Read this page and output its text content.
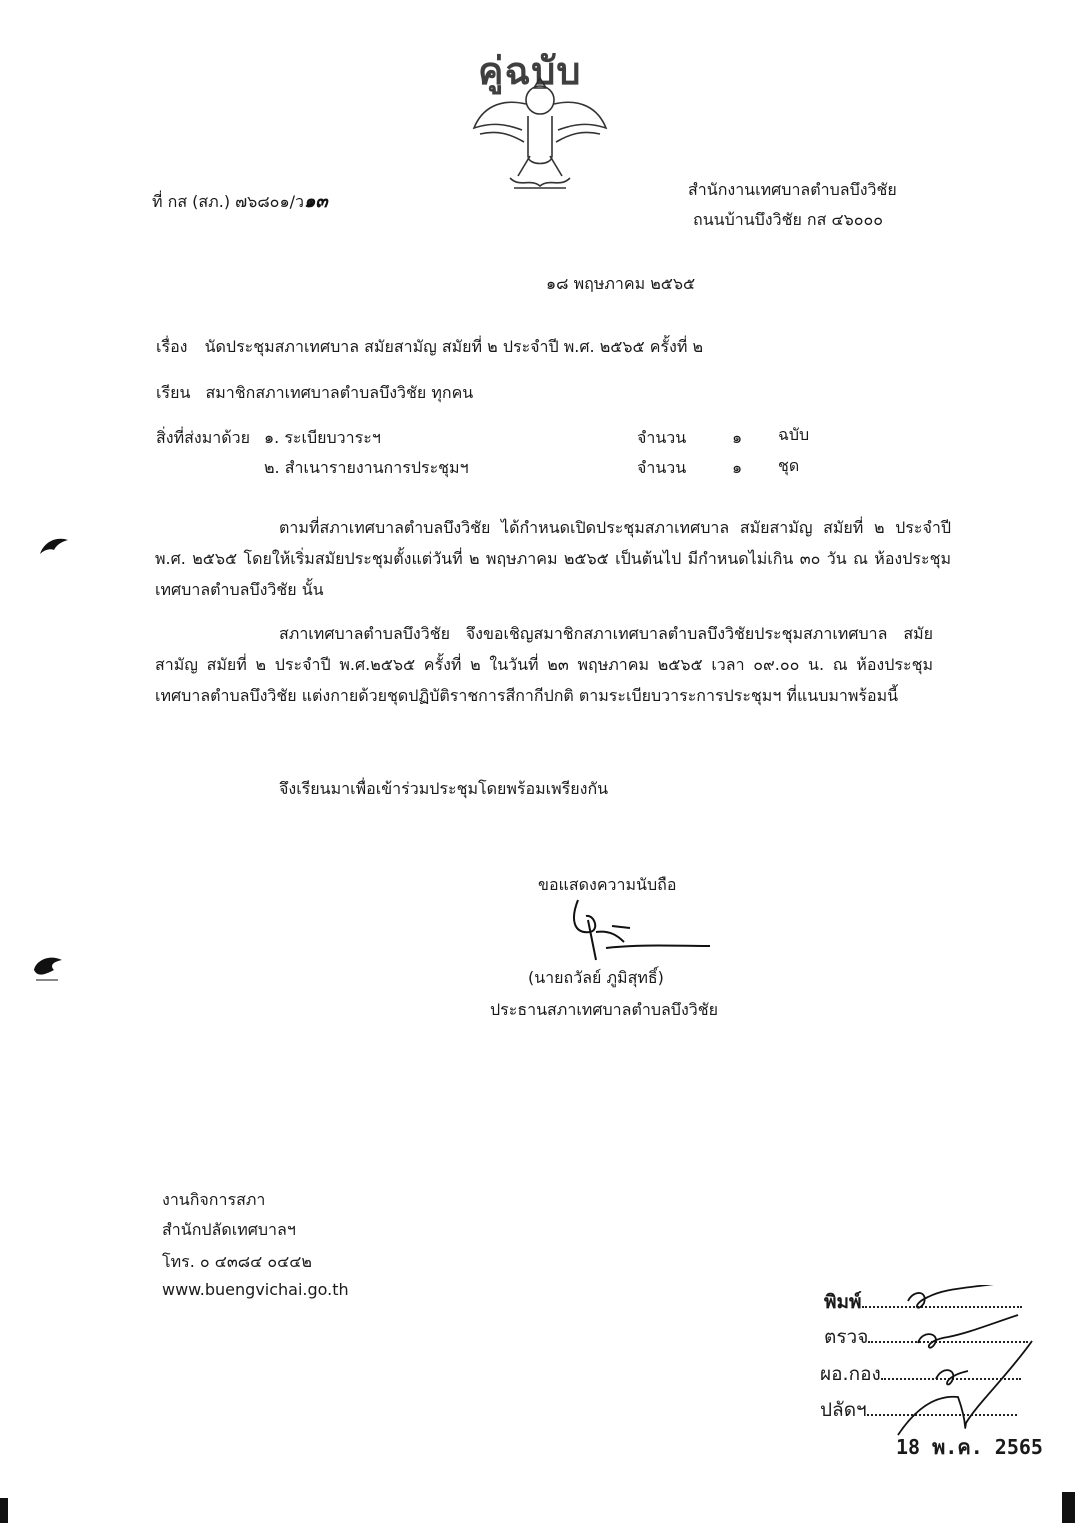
คู่ฉบับ
ที่ กส (สภ.) ๗๖๘๐๑/ว๑๓
สำนักงานเทศบาลตำบลบึงวิชัย
ถนนบ้านบึงวิชัย กส ๔๖๐๐๐
๑๘ พฤษภาคม ๒๕๖๕
เรื่อง นัดประชุมสภาเทศบาล สมัยสามัญ สมัยที่ ๒ ประจำปี พ.ศ. ๒๕๖๕ ครั้งที่ ๒
เรียน สมาชิกสภาเทศบาลตำบลบึงวิชัย ทุกคน
สิ่งที่ส่งมาด้วย ๑. ระเบียบวาระฯ	จำนวน	๑ ฉบับ
๒. สำเนารายงานการประชุมฯ	จำนวน	๑ ชุด
ตามที่สภาเทศบาลตำบลบึงวิชัย ได้กำหนดเปิดประชุมสภาเทศบาล สมัยสามัญ สมัยที่ ๒ ประจำปี พ.ศ. ๒๕๖๕ โดยให้เริ่มสมัยประชุมตั้งแต่วันที่ ๒ พฤษภาคม ๒๕๖๕ เป็นต้นไป มีกำหนดไม่เกิน ๓๐ วัน ณ ห้องประชุมเทศบาลตำบลบึงวิชัย นั้น
สภาเทศบาลตำบลบึงวิชัย จึงขอเชิญสมาชิกสภาเทศบาลตำบลบึงวิชัยประชุมสภาเทศบาล สมัยสามัญ สมัยที่ ๒ ประจำปี พ.ศ.๒๕๖๕ ครั้งที่ ๒ ในวันที่ ๒๓ พฤษภาคม ๒๕๖๕ เวลา ๐๙.๐๐ น. ณ ห้องประชุมเทศบาลตำบลบึงวิชัย แต่งกายด้วยชุดปฏิบัติราชการสีกากีปกติ ตามระเบียบวาระการประชุมฯ ที่แนบมาพร้อมนี้
จึงเรียนมาเพื่อเข้าร่วมประชุมโดยพร้อมเพรียงกัน
ขอแสดงความนับถือ
(นายถวัลย์ ภูมิสุทธิ์)
ประธานสภาเทศบาลตำบลบึงวิชัย
งานกิจการสภา
สำนักปลัดเทศบาลฯ
โทร. ๐ ๔๓๘๔ ๐๔๔๒
www.buengvichai.go.th
พิมพ์
ตรวจ
ผอ.กอง
ปลัดฯ
18 พ.ค. 2565
